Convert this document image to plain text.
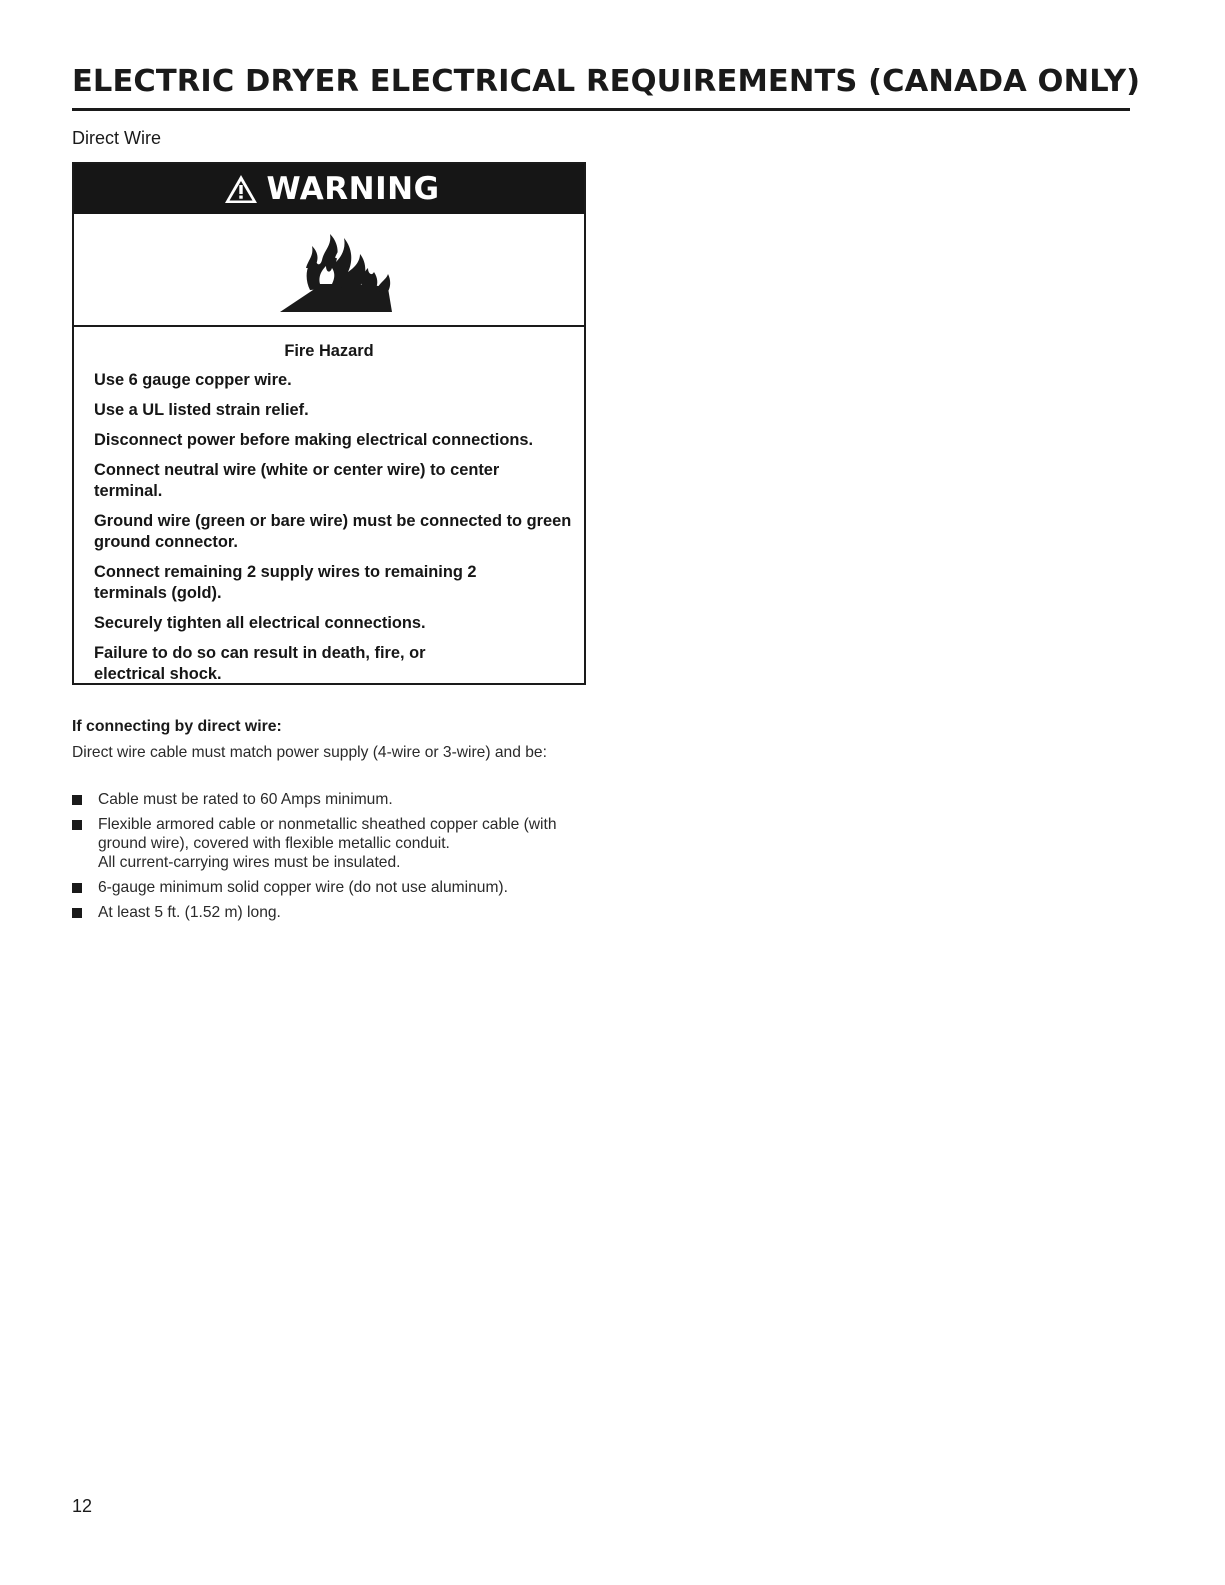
ELECTRIC DRYER ELECTRICAL REQUIREMENTS (CANADA ONLY)
Direct Wire
WARNING

Fire Hazard

Use 6 gauge copper wire.

Use a UL listed strain relief.

Disconnect power before making electrical connections.

Connect neutral wire (white or center wire) to center terminal.

Ground wire (green or bare wire) must be connected to green ground connector.

Connect remaining 2 supply wires to remaining 2 terminals (gold).

Securely tighten all electrical connections.

Failure to do so can result in death, fire, or electrical shock.

If connecting by direct wire:
Direct wire cable must match power supply (4-wire or 3-wire) and be:
Cable must be rated to 60 Amps minimum.
Flexible armored cable or nonmetallic sheathed copper cable (with ground wire), covered with flexible metallic conduit.
All current-carrying wires must be insulated.
6-gauge minimum solid copper wire (do not use aluminum).
At least 5 ft. (1.52 m) long.
12
